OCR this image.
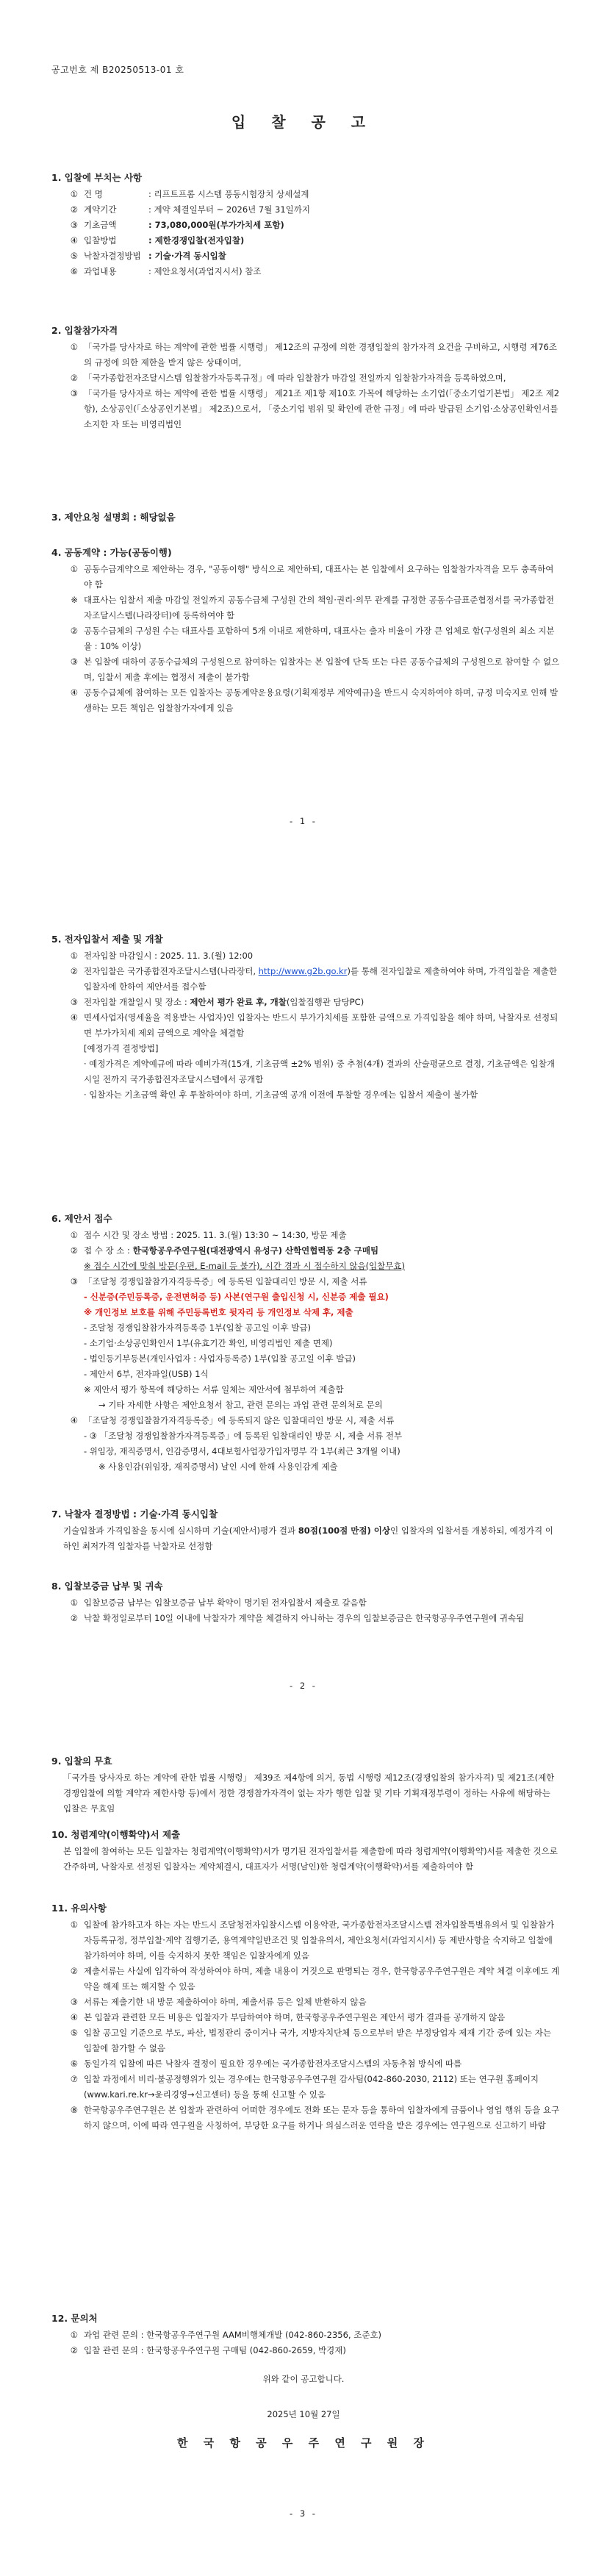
공고번호 제 B20250513-01 호
입 찰 공 고
1. 입찰에 부치는 사항
① 건 명	: 리프트프롬 시스템 풍동시험장치 상세설계
② 계약기간	: 계약 체결일부터 ~ 2026년 7월 31일까지
③ 기초금액	: 73,080,000원(부가가치세 포함)
④ 입찰방법	: 제한경쟁입찰(전자입찰)
⑤ 낙찰자결정방법 : 기술·가격 동시입찰
⑥ 과업내용	: 제안요청서(과업지시서) 참조
2. 입찰참가자격
① 「국가를 당사자로 하는 계약에 관한 법률 시행령」 제12조의 규정에 의한 경쟁입찰의 참가자격 요건을 구비하고, 시행령 제76조의 규정에 의한 제한을 받지 않은 상태이며,
② 「국가종합전자조달시스템 입찰참가자등록규정」에 따라 입찰참가 마감일 전일까지 입찰참가자격을 등록하였으며,
③ 「국가를 당사자로 하는 계약에 관한 법률 시행령」 제21조 제1항 제10호 가목에 해당하는 소기업(「중소기업기본법」 제2조 제2항), 소상공인(「소상공인기본법」 제2조)으로서, 「중소기업 범위 및 확인에 관한 규정」에 따라 발급된 소기업·소상공인확인서를 소지한 자 또는 비영리법인
3. 제안요청 설명회 : 해당없음
4. 공동계약 : 가능(공동이행)
① 공동수급계약으로 제안하는 경우, "공동이행" 방식으로 제안하되, 대표사는 본 입찰에서 요구하는 입찰참가자격을 모두 충족하여야 함
※ 대표사는 입찰서 제출 마감일 전일까지 공동수급체 구성원 간의 책임·권리·의무 관계를 규정한 공동수급표준협정서를 국가종합전자조달시스템(나라장터)에 등록하여야 함
② 공동수급체의 구성원 수는 대표사를 포함하여 5개 이내로 제한하며, 대표사는 출자 비율이 가장 큰 업체로 함(구성원의 최소 지분율 : 10% 이상)
③ 본 입찰에 대하여 공동수급체의 구성원으로 참여하는 입찰자는 본 입찰에 단독 또는 다른 공동수급체의 구성원으로 참여할 수 없으며, 입찰서 제출 후에는 협정서 제출이 불가함
④ 공동수급체에 참여하는 모든 입찰자는 공동계약운용요령(기획재정부 계약예규)을 반드시 숙지하여야 하며, 규정 미숙지로 인해 발생하는 모든 책임은 입찰참가자에게 있음
- 1 -
5. 전자입찰서 제출 및 개찰
① 전자입찰 마감일시 : 2025. 11. 3.(월) 12:00
② 전자입찰은 국가종합전자조달시스템(나라장터, http://www.g2b.go.kr)를 통해 전자입찰로 제출하여야 하며, 가격입찰을 제출한 입찰자에 한하여 제안서를 접수함
③ 전자입찰 개찰일시 및 장소 : 제안서 평가 완료 후, 개찰(입찰집행관 담당PC)
④ 면세사업자(영세율을 적용받는 사업자)인 입찰자는 반드시 부가가치세를 포함한 금액으로 가격입찰을 해야 하며, 낙찰자로 선정되면 부가가치세 제외 금액으로 계약을 체결함
[예정가격 결정방법]
· 예정가격은 계약예규에 따라 예비가격(15개, 기초금액 ±2% 범위) 중 추첨(4개) 결과의 산술평균으로 결정, 기초금액은 입찰개시일 전까지 국가종합전자조달시스템에서 공개함
· 입찰자는 기초금액 확인 후 투찰하여야 하며, 기초금액 공개 이전에 투찰할 경우에는 입찰서 제출이 불가함
6. 제안서 접수
① 접수 시간 및 장소 방법 : 2025. 11. 3.(월) 13:30 ~ 14:30, 방문 제출
② 접 수 장 소 : 한국항공우주연구원(대전광역시 유성구) 산학연협력동 2층 구매팀
※ 접수 시간에 맞춰 방문(우편, E-mail 등 불가), 시간 경과 시 접수하지 않음(입찰무효)
③ 「조달청 경쟁입찰참가자격등록증」에 등록된 입찰대리인 방문 시, 제출 서류
- 신분증(주민등록증, 운전면허증 등) 사본(연구원 출입신청 시, 신분증 제출 필요)
※ 개인정보 보호를 위해 주민등록번호 뒷자리 등 개인정보 삭제 후, 제출
- 조달청 경쟁입찰참가자격등록증 1부(입찰 공고일 이후 발급)
- 소기업·소상공인확인서 1부(유효기간 확인, 비영리법인 제출 면제)
- 법인등기부등본(개인사업자 : 사업자등록증) 1부(입찰 공고일 이후 발급)
- 제안서 6부, 전자파일(USB) 1식
※ 제안서 평가 항목에 해당하는 서류 일체는 제안서에 첨부하여 제출함
→ 기타 자세한 사항은 제안요청서 참고, 관련 문의는 과업 관련 문의처로 문의
④ 「조달청 경쟁입찰참가자격등록증」에 등록되지 않은 입찰대리인 방문 시, 제출 서류
- ③ 「조달청 경쟁입찰참가자격등록증」에 등록된 입찰대리인 방문 시, 제출 서류 전부
- 위임장, 재직증명서, 인감증명서, 4대보험사업장가입자명부 각 1부(최근 3개월 이내)
※ 사용인감(위임장, 재직증명서) 날인 시에 한해 사용인감계 제출
7. 낙찰자 결정방법 : 기술·가격 동시입찰
기술입찰과 가격입찰을 동시에 실시하며 기술(제안서)평가 결과 80점(100점 만점) 이상인 입찰자의 입찰서를 개봉하되, 예정가격 이하인 최저가격 입찰자를 낙찰자로 선정함
8. 입찰보증금 납부 및 귀속
① 입찰보증금 납부는 입찰보증금 납부 확약이 명기된 전자입찰서 제출로 갈음함
② 낙찰 확정일로부터 10일 이내에 낙찰자가 계약을 체결하지 아니하는 경우의 입찰보증금은 한국항공우주연구원에 귀속됨
- 2 -
9. 입찰의 무효
「국가를 당사자로 하는 계약에 관한 법률 시행령」 제39조 제4항에 의거, 동법 시행령 제12조(경쟁입찰의 참가자격) 및 제21조(제한경쟁입찰에 의할 계약과 제한사항 등)에서 정한 경쟁참가자격이 없는 자가 행한 입찰 및 기타 기획재정부령이 정하는 사유에 해당하는 입찰은 무효임
10. 청렴계약(이행확약)서 제출
본 입찰에 참여하는 모든 입찰자는 청렴계약(이행확약)서가 명기된 전자입찰서를 제출함에 따라 청렴계약(이행확약)서를 제출한 것으로 간주하며, 낙찰자로 선정된 입찰자는 계약체결시, 대표자가 서명(날인)한 청렴계약(이행확약)서를 제출하여야 함
11. 유의사항
① 입찰에 참가하고자 하는 자는 반드시 조달청전자입찰시스템 이용약관, 국가종합전자조달시스템 전자입찰특별유의서 및 입찰참가자등록규정, 정부입찰·계약 집행기준, 용역계약일반조건 및 입찰유의서, 제안요청서(과업지시서) 등 제반사항을 숙지하고 입찰에 참가하여야 하며, 이를 숙지하지 못한 책임은 입찰자에게 있음
② 제출서류는 사실에 입각하여 작성하여야 하며, 제출 내용이 거짓으로 판명되는 경우, 한국항공우주연구원은 계약 체결 이후에도 계약을 해제 또는 해지할 수 있음
③ 서류는 제출기한 내 방문 제출하여야 하며, 제출서류 등은 일체 반환하지 않음
④ 본 입찰과 관련한 모든 비용은 입찰자가 부담하여야 하며, 한국항공우주연구원은 제안서 평가 결과를 공개하지 않음
⑤ 입찰 공고일 기준으로 부도, 파산, 법정관리 중이거나 국가, 지방자치단체 등으로부터 받은 부정당업자 제재 기간 중에 있는 자는 입찰에 참가할 수 없음
⑥ 동일가격 입찰에 따른 낙찰자 결정이 필요한 경우에는 국가종합전자조달시스템의 자동추첨 방식에 따름
⑦ 입찰 과정에서 비리·불공정행위가 있는 경우에는 한국항공우주연구원 감사팀(042-860-2030, 2112) 또는 연구원 홈페이지(www.kari.re.kr→윤리경영→신고센터) 등을 통해 신고할 수 있음
⑧ 한국항공우주연구원은 본 입찰과 관련하여 어떠한 경우에도 전화 또는 문자 등을 통하여 입찰자에게 금품이나 영업 행위 등을 요구하지 않으며, 이에 따라 연구원을 사칭하여, 부당한 요구를 하거나 의심스러운 연락을 받은 경우에는 연구원으로 신고하기 바람
12. 문의처
① 과업 관련 문의 : 한국항공우주연구원 AAM비행체개발 (042-860-2356, 조준호)
② 입찰 관련 문의 : 한국항공우주연구원 구매팀 (042-860-2659, 박경재)
위와 같이 공고합니다.
2025년 10월 27일
한 국 항 공 우 주 연 구 원 장
- 3 -
